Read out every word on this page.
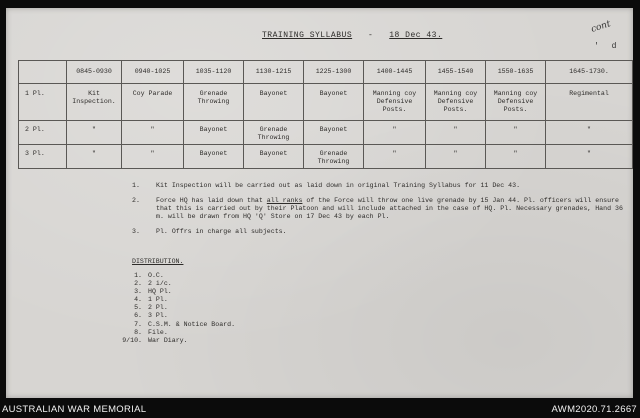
TRAINING SYLLABUS - 18 Dec 43.
cont
' d
	0845-0930	0940-1025	1035-1120	1130-1215	1225-1300	1400-1445	1455-1540	1550-1635	1645-1730.
1 Pl.	Kit Inspection.	Coy Parade	Grenade Throwing	Bayonet	Bayonet	Manning coy Defensive Posts.	Manning coy Defensive Posts.	Manning coy Defensive Posts.	Regimental
2 Pl.	"	"	Bayonet	Grenade Throwing	Bayonet	"	"	"	"
3 Pl.	"	"	Bayonet	Bayonet	Grenade Throwing	"	"	"	"
1. Kit Inspection will be carried out as laid down in original Training Syllabus for 11 Dec 43.
2. Force HQ has laid down that all ranks of the Force will throw one live grenade by 15 Jan 44. Pl. officers will ensure that this is carried out by their Platoon and will include attached in the case of HQ. Pl. Necessary grenades, Hand 36 m. will be drawn from HQ 'Q' Store on 17 Dec 43 by each Pl.
3. Pl. Offrs in charge all subjects.
DISTRIBUTION.
1. O.C.
2. 2 i/c.
3. HQ Pl.
4. 1 Pl.
5. 2 Pl.
6. 3 Pl.
7. C.S.M. & Notice Board.
8. File.
9/10. War Diary.
AUSTRALIAN WAR MEMORIAL	AWM2020.71.2667
